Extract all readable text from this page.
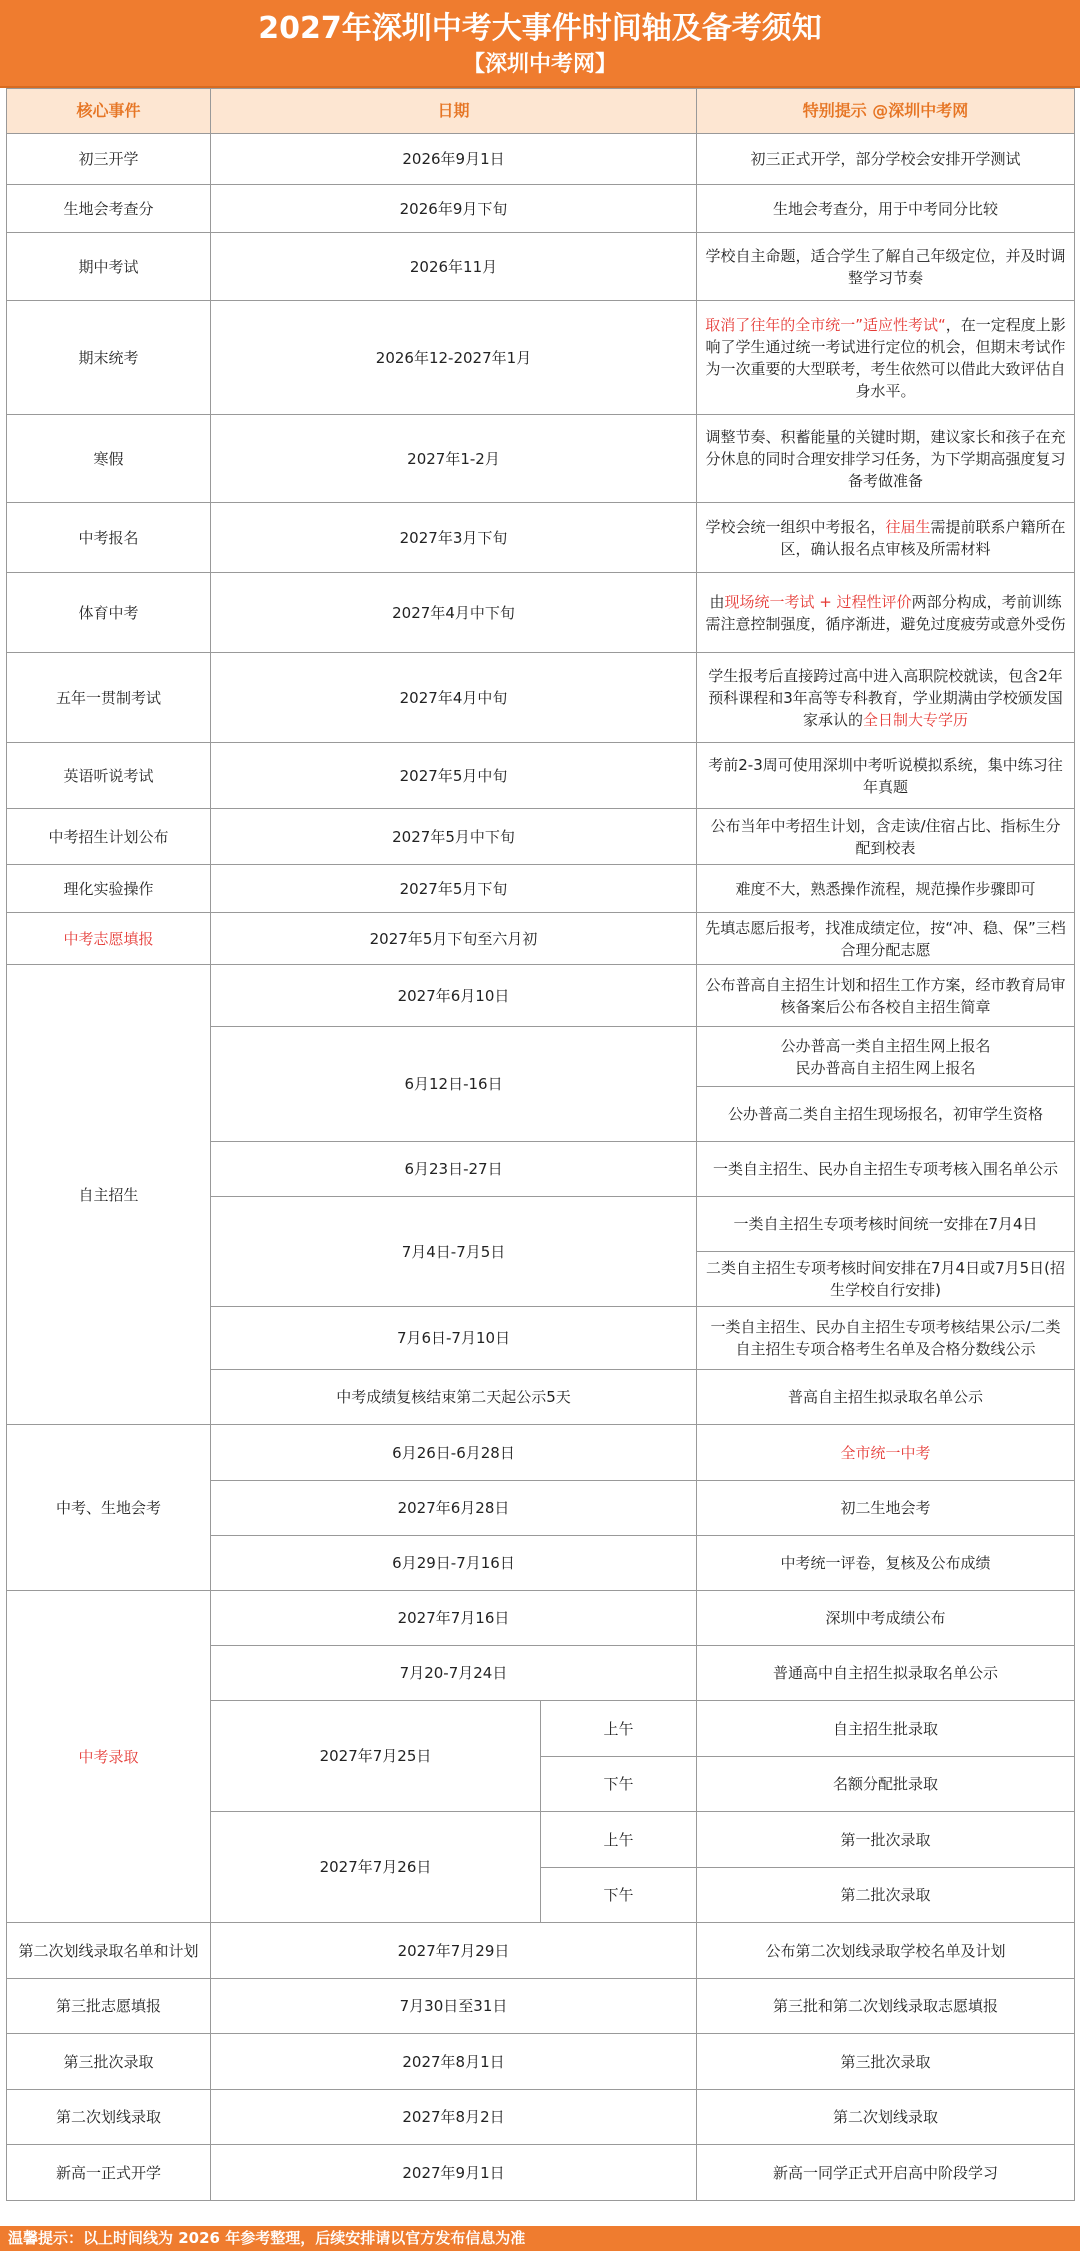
2027年深圳中考大事件时间轴及备考须知
【深圳中考网】
核心事件	日期		特别提示 @深圳中考网
初三开学	2026年9月1日		初三正式开学，部分学校会安排开学测试
生地会考查分	2026年9月下旬		生地会考查分，用于中考同分比较
期中考试	2026年11月		学校自主命题，适合学生了解自己年级定位，并及时调整学习节奏
期末统考	2026年12-2027年1月		取消了往年的全市统一”适应性考试“，在一定程度上影响了学生通过统一考试进行定位的机会，但期末考试作为一次重要的大型联考，考生依然可以借此大致评估自身水平。
寒假	2027年1-2月		调整节奏、积蓄能量的关键时期，建议家长和孩子在充分休息的同时合理安排学习任务，为下学期高强度复习备考做准备
中考报名	2027年3月下旬		学校会统一组织中考报名，往届生需提前联系户籍所在区，确认报名点审核及所需材料
体育中考	2027年4月中下旬		由现场统一考试 + 过程性评价两部分构成，考前训练需注意控制强度，循序渐进，避免过度疲劳或意外受伤
五年一贯制考试	2027年4月中旬		学生报考后直接跨过高中进入高职院校就读，包含2年预科课程和3年高等专科教育，学业期满由学校颁发国家承认的全日制大专学历
英语听说考试	2027年5月中旬		考前2-3周可使用深圳中考听说模拟系统，集中练习往年真题
中考招生计划公布	2027年5月中下旬		公布当年中考招生计划，含走读/住宿占比、指标生分配到校表
理化实验操作	2027年5月下旬		难度不大，熟悉操作流程，规范操作步骤即可
中考志愿填报	2027年5月下旬至六月初		先填志愿后报考，找准成绩定位，按“冲、稳、保”三档合理分配志愿
自主招生	2027年6月10日		公布普高自主招生计划和招生工作方案，经市教育局审核备案后公布各校自主招生简章
	6月12日-16日		公办普高一类自主招生网上报名
民办普高自主招生网上报名

			公办普高二类自主招生现场报名，初审学生资格
	6月23日-27日		一类自主招生、民办自主招生专项考核入围名单公示
	7月4日-7月5日		一类自主招生专项考核时间统一安排在7月4日
			二类自主招生专项考核时间安排在7月4日或7月5日(招生学校自行安排)
	7月6日-7月10日		一类自主招生、民办自主招生专项考核结果公示/二类自主招生专项合格考生名单及合格分数线公示
	中考成绩复核结束第二天起公示5天		普高自主招生拟录取名单公示

中考、生地会考	6月26日-6月28日		全市统一中考
	2027年6月28日		初二生地会考
	6月29日-7月16日		中考统一评卷，复核及公布成绩
中考录取	2027年7月16日		深圳中考成绩公布
	7月20-7月24日		普通高中自主招生拟录取名单公示
	2027年7月25日	上午	自主招生批录取
		下午	名额分配批录取
	2027年7月26日	上午	第一批次录取
		下午	第二批次录取
第二次划线录取名单和计划	2027年7月29日		公布第二次划线录取学校名单及计划
第三批志愿填报	7月30日至31日		第三批和第二次划线录取志愿填报
第三批次录取	2027年8月1日		第三批次录取
第二次划线录取	2027年8月2日		第二次划线录取
新高一正式开学	2027年9月1日		新高一同学正式开启高中阶段学习
温馨提示：以上时间线为 2026 年参考整理，后续安排请以官方发布信息为准
